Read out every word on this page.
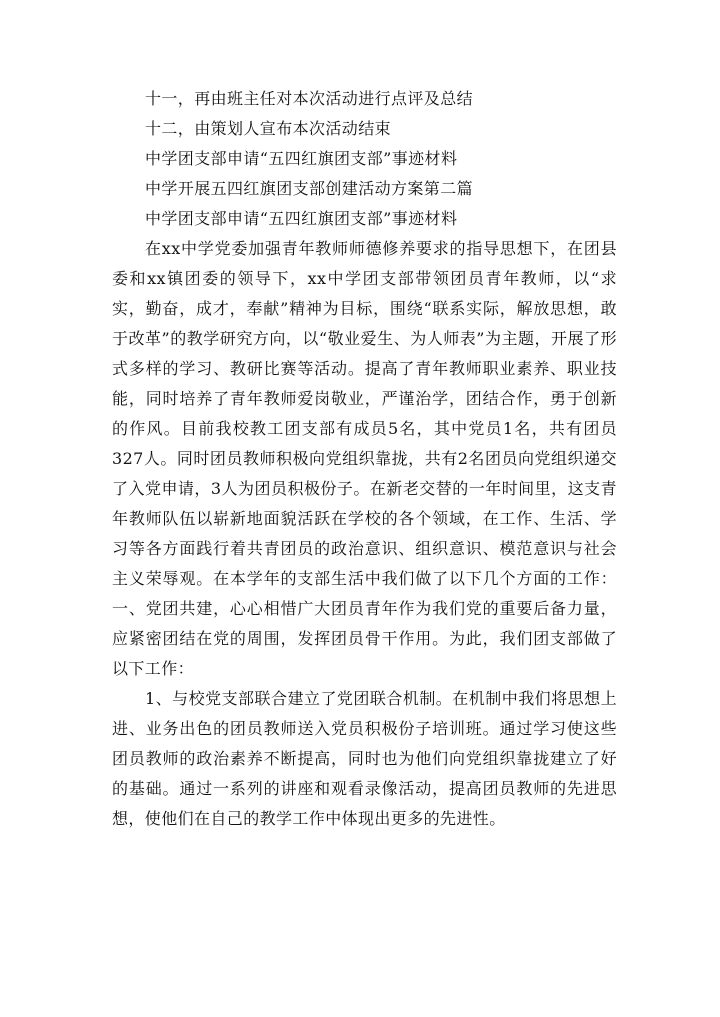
十一，再由班主任对本次活动进行点评及总结

十二，由策划人宣布本次活动结束

中学团支部申请“五四红旗团支部”事迹材料

中学开展五四红旗团支部创建活动方案第二篇

中学团支部申请“五四红旗团支部”事迹材料

在xx中学党委加强青年教师师德修养要求的指导思想下，在团县委和xx镇团委的领导下，xx中学团支部带领团员青年教师，以“求实，勤奋，成才，奉献”精神为目标，围绕“联系实际，解放思想，敢于改革”的教学研究方向，以“敬业爱生、为人师表”为主题，开展了形式多样的学习、教研比赛等活动。提高了青年教师职业素养、职业技能，同时培养了青年教师爱岗敬业，严谨治学，团结合作，勇于创新的作风。目前我校教工团支部有成员5名，其中党员1名，共有团员327人。同时团员教师积极向党组织靠拢，共有2名团员向党组织递交了入党申请，3人为团员积极份子。在新老交替的一年时间里，这支青年教师队伍以崭新地面貌活跃在学校的各个领域，在工作、生活、学习等各方面践行着共青团员的政治意识、组织意识、模范意识与社会主义荣辱观。在本学年的支部生活中我们做了以下几个方面的工作：一、党团共建，心心相惜广大团员青年作为我们党的重要后备力量，应紧密团结在党的周围，发挥团员骨干作用。为此，我们团支部做了以下工作：

1、与校党支部联合建立了党团联合机制。在机制中我们将思想上进、业务出色的团员教师送入党员积极份子培训班。通过学习使这些团员教师的政治素养不断提高，同时也为他们向党组织靠拢建立了好的基础。通过一系列的讲座和观看录像活动，提高团员教师的先进思想，使他们在自己的教学工作中体现出更多的先进性。
